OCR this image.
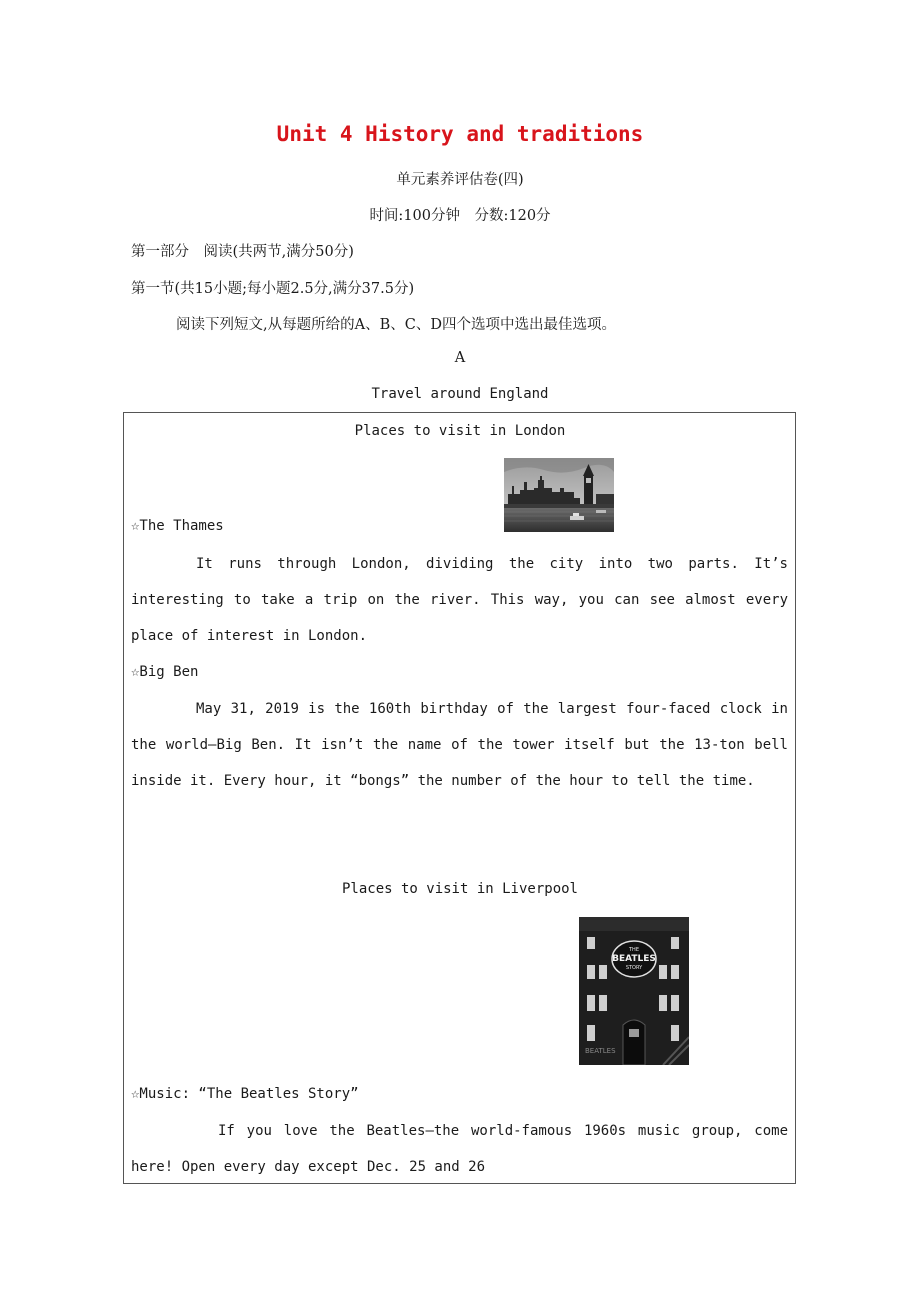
Unit 4 History and traditions
单元素养评估卷(四)
时间:100分钟　分数:120分
第一部分　阅读(共两节,满分50分)
第一节(共15小题;每小题2.5分,满分37.5分)
阅读下列短文,从每题所给的A、B、C、D四个选项中选出最佳选项。
A
Travel around England
Places to visit in London
☆The Thames
It runs through London, dividing the city into two parts. It’s interesting to take a trip on the river. This way, you can see almost every place of interest in London.
☆Big Ben
May 31, 2019 is the 160th birthday of the largest four-faced clock in the world—Big Ben. It isn’t the name of the tower itself but the 13-ton bell inside it. Every hour, it “bongs” the number of the hour to tell the time.
Places to visit in Liverpool
THE
BEATLES
STORY
BEATLES
☆Music: “The Beatles Story”
If you love the Beatles—the world-famous 1960s music group, come here! Open every day except Dec. 25 and 26
